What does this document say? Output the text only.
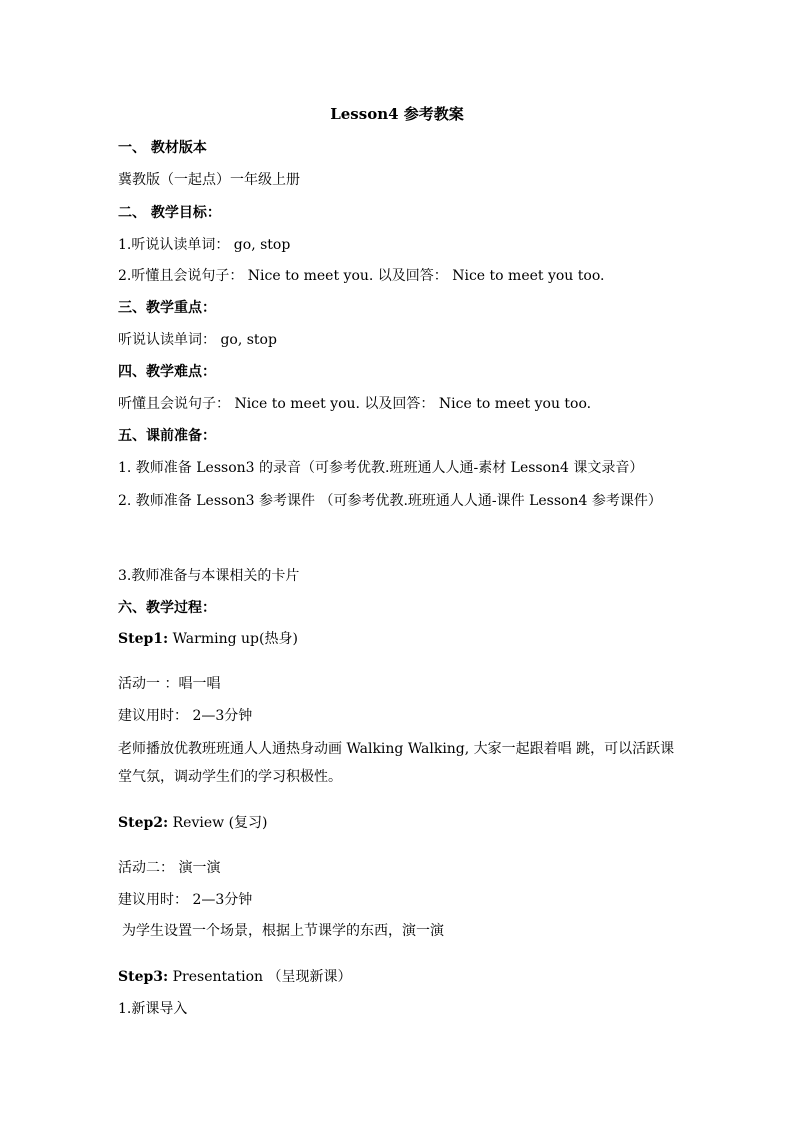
Lesson4 参考教案
一、 教材版本
冀教版（一起点）一年级上册
二、 教学目标：
1.听说认读单词： go, stop
2.听懂且会说句子： Nice to meet you. 以及回答： Nice to meet you too.
三、教学重点：
听说认读单词： go, stop
四、教学难点：
听懂且会说句子： Nice to meet you. 以及回答： Nice to meet you too.
五、课前准备：
1. 教师准备 Lesson3 的录音（可参考优教.班班通人人通-素材 Lesson4 课文录音）
2. 教师准备 Lesson3 参考课件 （可参考优教.班班通人人通-课件 Lesson4 参考课件）
3.教师准备与本课相关的卡片
六、教学过程：
Step1: Warming up(热身)
活动一 ：唱一唱
建议用时： 2—3分钟
老师播放优教班班通人人通热身动画 Walking Walking, 大家一起跟着唱 跳，可以活跃课堂气氛，调动学生们的学习积极性。
Step2: Review (复习)
活动二： 演一演
建议用时： 2—3分钟
为学生设置一个场景，根据上节课学的东西，演一演
Step3: Presentation （呈现新课）
1.新课导入
